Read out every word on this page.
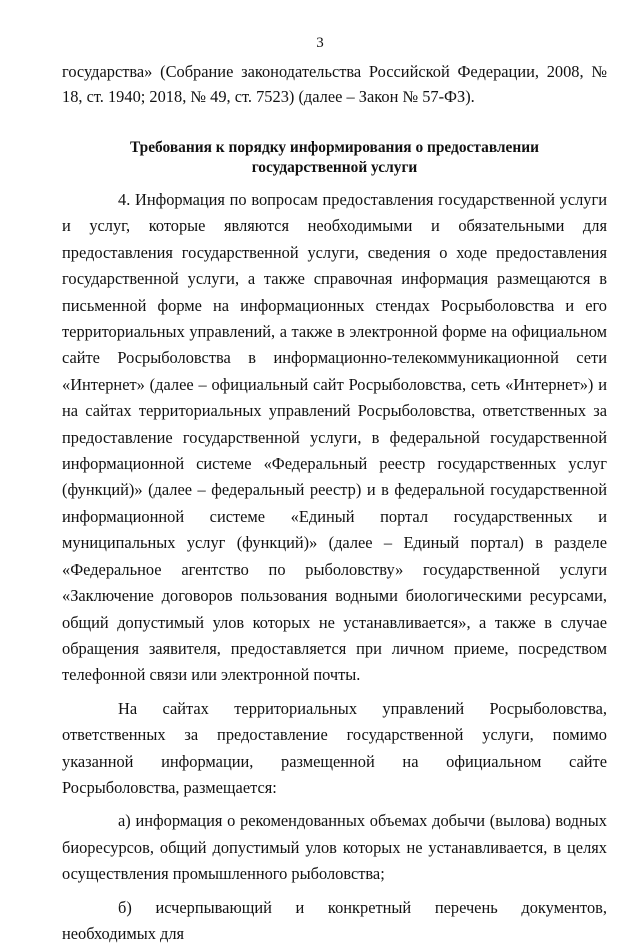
3
государства» (Собрание законодательства Российской Федерации, 2008, № 18, ст. 1940; 2018, № 49, ст. 7523) (далее – Закон № 57-ФЗ).
Требования к порядку информирования о предоставлении
государственной услуги

4. Информация по вопросам предоставления государственной услуги и услуг, которые являются необходимыми и обязательными для предоставления государственной услуги, сведения о ходе предоставления государственной услуги, а также справочная информация размещаются в письменной форме на информационных стендах Росрыболовства и его территориальных управлений, а также в электронной форме на официальном сайте Росрыболовства в информационно-телекоммуникационной сети «Интернет» (далее – официальный сайт Росрыболовства, сеть «Интернет») и на сайтах территориальных управлений Росрыболовства, ответственных за предоставление государственной услуги, в федеральной государственной информационной системе «Федеральный реестр государственных услуг (функций)» (далее – федеральный реестр) и в федеральной государственной информационной системе «Единый портал государственных и муниципальных услуг (функций)» (далее – Единый портал) в разделе «Федеральное агентство по рыболовству» государственной услуги «Заключение договоров пользования водными биологическими ресурсами, общий допустимый улов которых не устанавливается», а также в случае обращения заявителя, предоставляется при личном приеме, посредством телефонной связи или электронной почты.

На сайтах территориальных управлений Росрыболовства, ответственных за предоставление государственной услуги, помимо указанной информации, размещенной на официальном сайте Росрыболовства, размещается:

а) информация о рекомендованных объемах добычи (вылова) водных биоресурсов, общий допустимый улов которых не устанавливается, в целях осуществления промышленного рыболовства;

б) исчерпывающий и конкретный перечень документов, необходимых для
